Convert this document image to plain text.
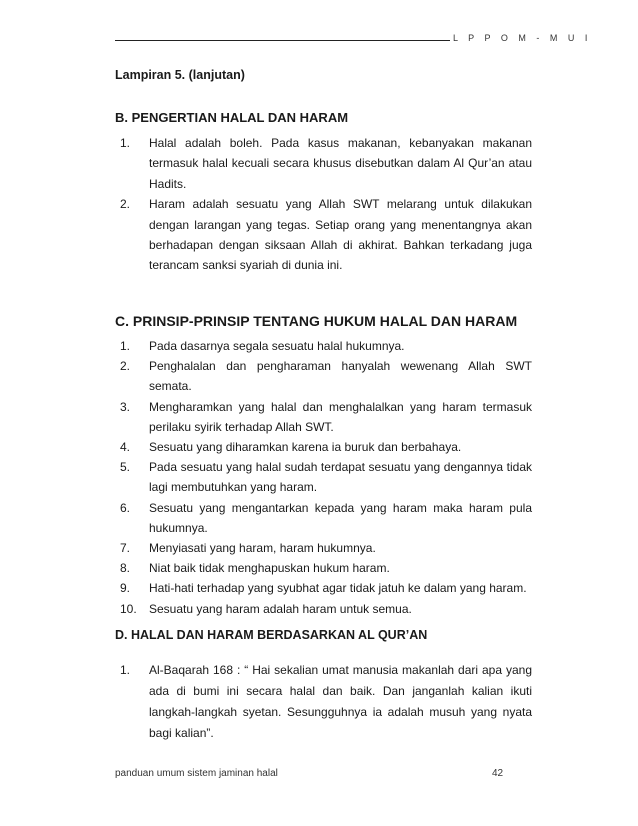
L P P O M - M U I
Lampiran 5. (lanjutan)
B. PENGERTIAN HALAL DAN HARAM
1. Halal adalah boleh. Pada kasus makanan, kebanyakan makanan termasuk halal kecuali secara khusus disebutkan dalam Al Qur’an atau Hadits.
2. Haram adalah sesuatu yang Allah SWT melarang untuk dilakukan dengan larangan yang tegas. Setiap orang yang menentangnya akan berhadapan dengan siksaan Allah di akhirat. Bahkan terkadang juga terancam sanksi syariah di dunia ini.
C. PRINSIP-PRINSIP TENTANG HUKUM HALAL DAN HARAM
1. Pada dasarnya segala sesuatu halal hukumnya.
2. Penghalalan dan pengharaman hanyalah wewenang Allah SWT semata.
3. Mengharamkan yang halal dan menghalalkan yang haram termasuk perilaku syirik terhadap Allah SWT.
4. Sesuatu yang diharamkan karena ia buruk dan berbahaya.
5. Pada sesuatu yang halal sudah terdapat sesuatu yang dengannya tidak lagi membutuhkan yang haram.
6. Sesuatu yang mengantarkan kepada yang haram maka haram pula hukumnya.
7. Menyiasati yang haram, haram hukumnya.
8. Niat baik tidak menghapuskan hukum haram.
9. Hati-hati terhadap yang syubhat agar tidak jatuh ke dalam yang haram.
10. Sesuatu yang haram adalah haram untuk semua.
D. HALAL DAN HARAM BERDASARKAN AL QUR’AN
1. Al-Baqarah 168 : “ Hai sekalian umat manusia makanlah dari apa yang ada di bumi ini secara halal dan baik. Dan janganlah kalian ikuti langkah-langkah syetan. Sesungguhnya ia adalah musuh yang nyata bagi kalian”.
panduan umum sistem jaminan halal	42
